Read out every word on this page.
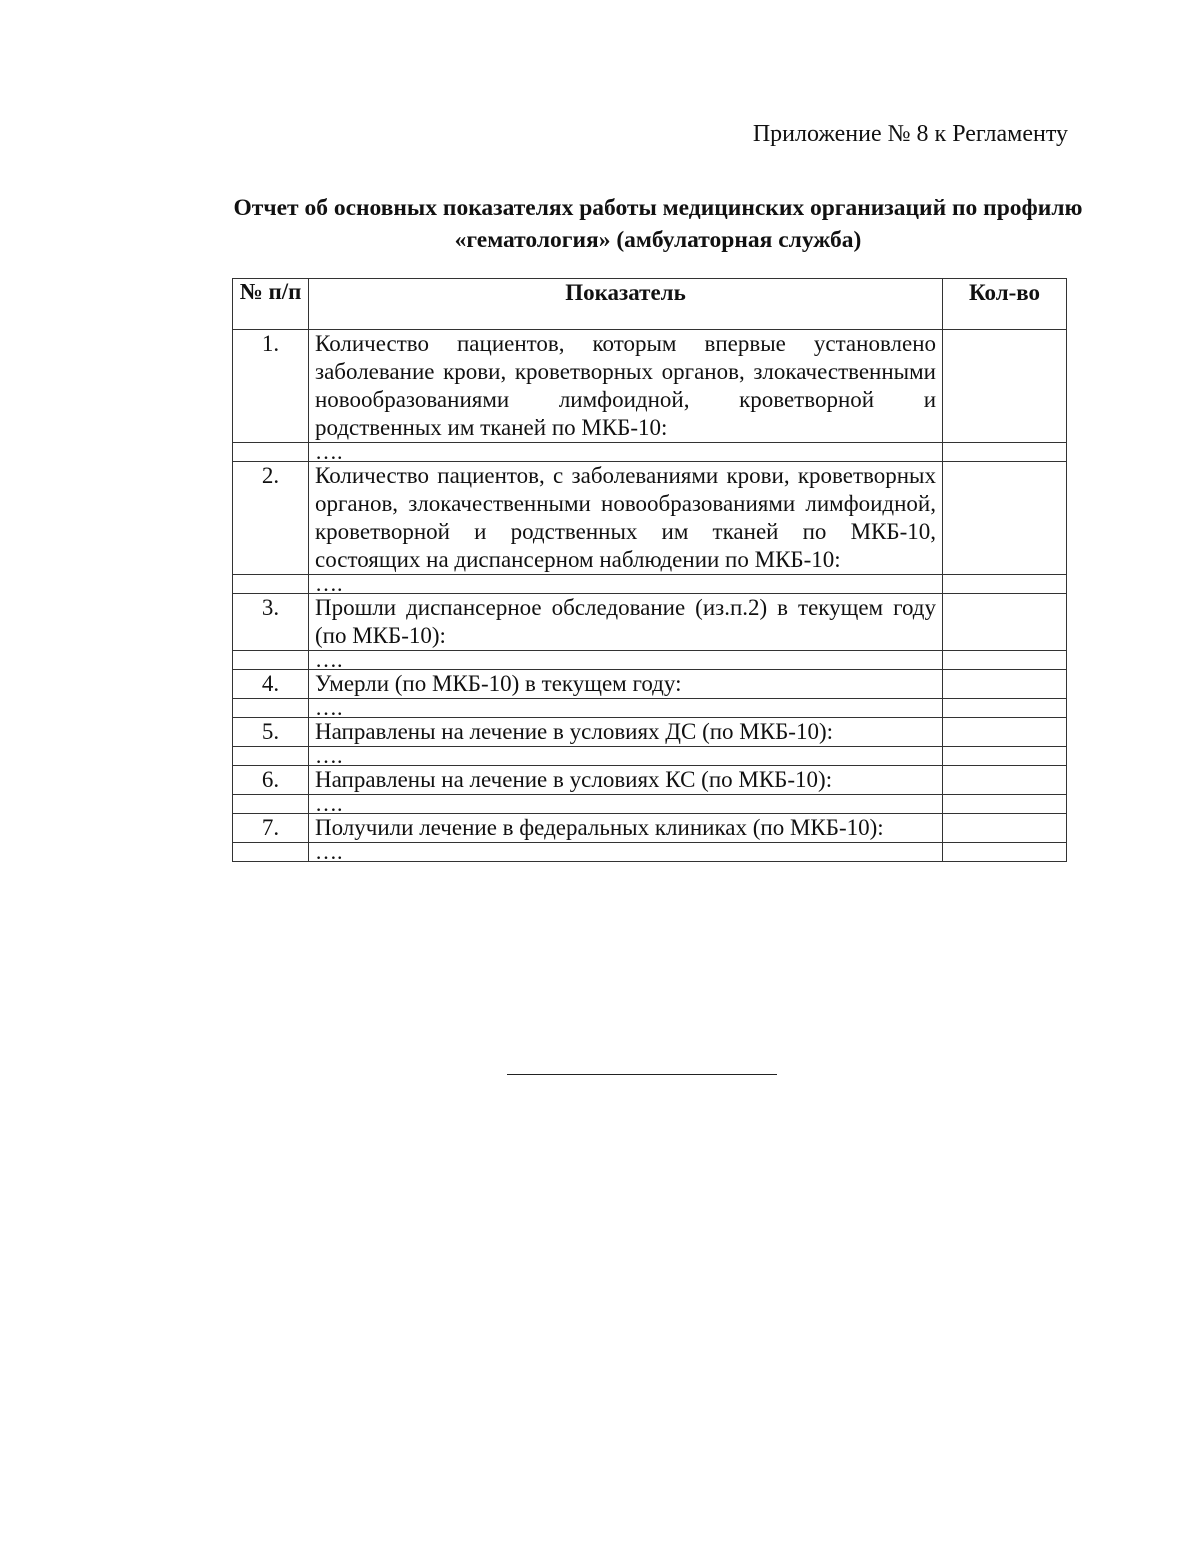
Приложение № 8 к Регламенту
Отчет об основных показателях работы медицинских организаций по профилю «гематология» (амбулаторная служба)
№ п/п	Показатель	Кол-во
1.	Количество пациентов, которым впервые установлено заболевание крови, кроветворных органов, злокачественными новообразованиями лимфоидной, кроветворной и родственных им тканей по МКБ-10:	
	….	
2.	Количество пациентов, с заболеваниями крови, кроветворных органов, злокачественными новообразованиями лимфоидной, кроветворной и родственных им тканей по МКБ-10, состоящих на диспансерном наблюдении по МКБ-10:	
	….	
3.	Прошли диспансерное обследование (из.п.2) в текущем году (по МКБ-10):	
	….	
4.	Умерли (по МКБ-10) в текущем году:	
	….	
5.	Направлены на лечение в условиях ДС (по МКБ-10):	
	….	
6.	Направлены на лечение в условиях КС (по МКБ-10):	
	….	
7.	Получили лечение в федеральных клиниках (по МКБ-10):	
	….	
